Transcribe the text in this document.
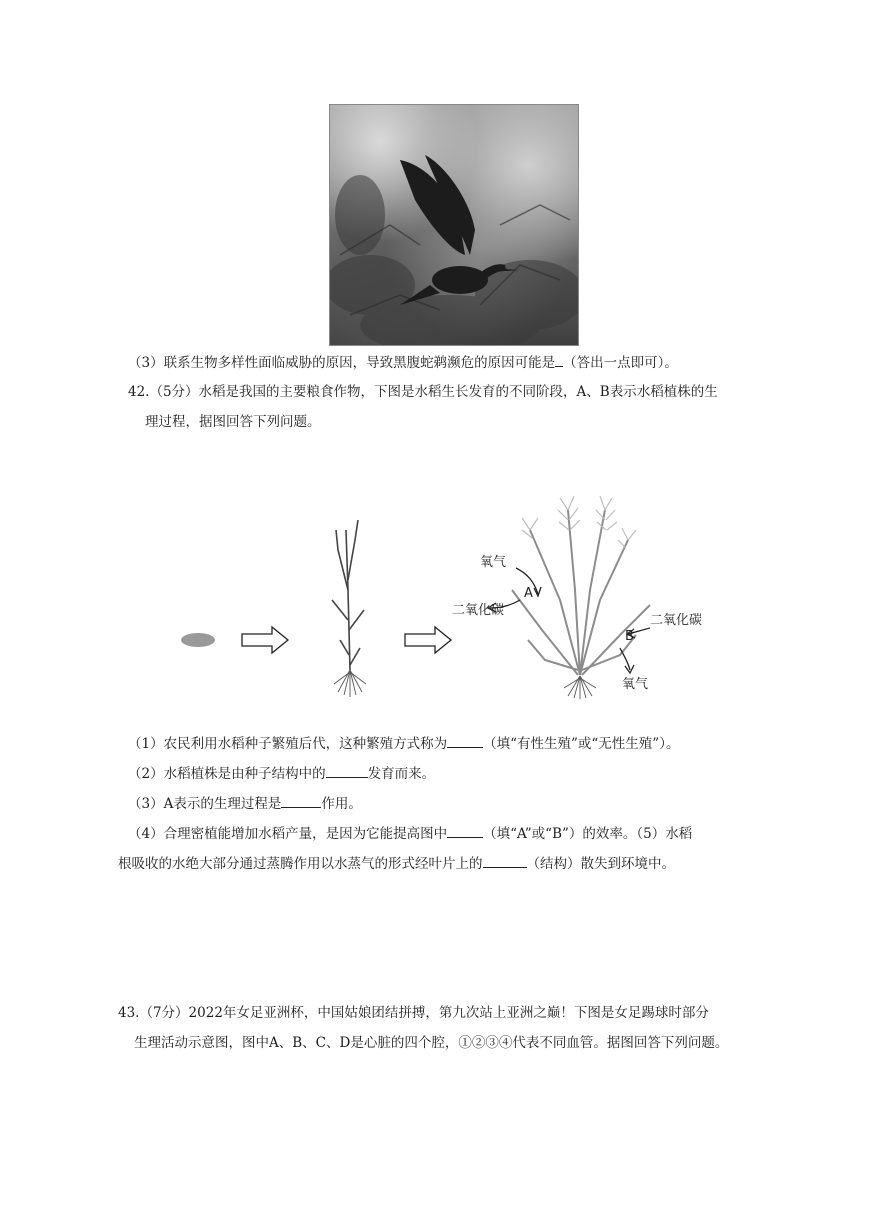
（3）联系生物多样性面临威胁的原因，导致黑腹蛇鹈濒危的原因可能是 （答出一点即可）。
42.（5分）水稻是我国的主要粮食作物，下图是水稻生长发育的不同阶段，A、B表示水稻植株的生
理过程，据图回答下列问题。
氧气
A
二氧化碳
二氧化碳
B
氧气
（1）农民利用水稻种子繁殖后代，这种繁殖方式称为	（填“有性生殖”或“无性生殖”）。
（2）水稻植株是由种子结构中的	发育而来。
（3）A表示的生理过程是	作用。
（4）合理密植能增加水稻产量，是因为它能提高图中	（填“A”或“B”）的效率。（5）水稻
根吸收的水绝大部分通过蒸腾作用以水蒸气的形式经叶片上的	（结构）散失到环境中。
43.（7分）2022年女足亚洲杯，中国姑娘团结拼搏，第九次站上亚洲之巅！下图是女足踢球时部分
生理活动示意图，图中A、B、C、D是心脏的四个腔，①②③④代表不同血管。据图回答下列问题。
